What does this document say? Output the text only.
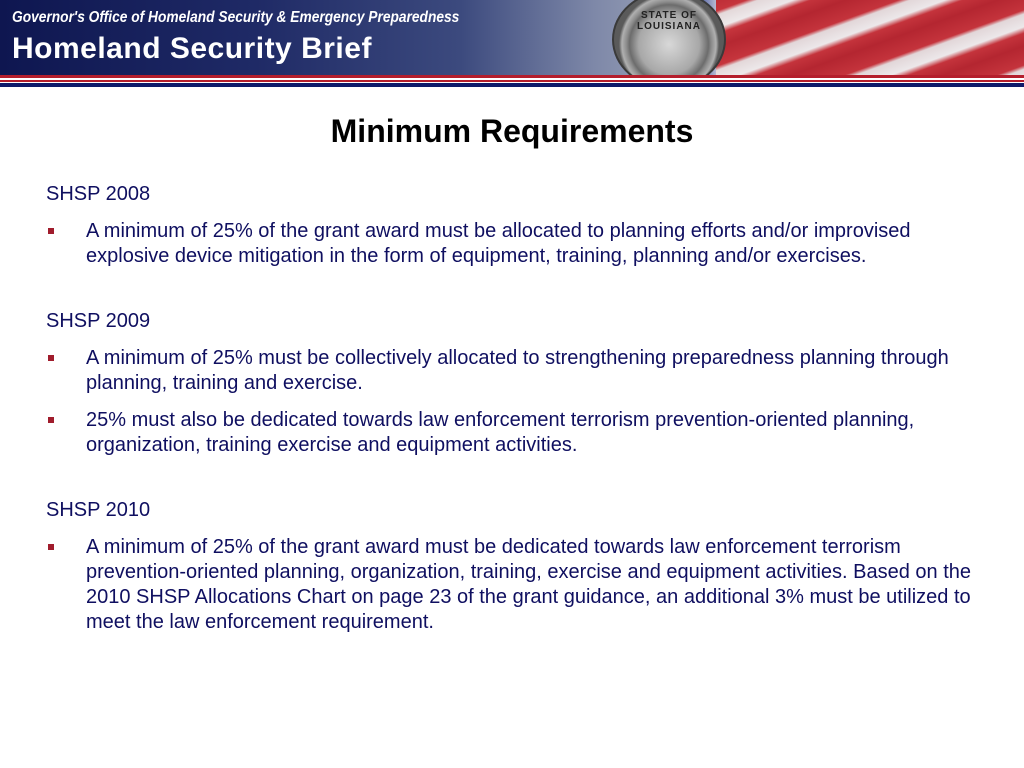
STATE OF LOUISIANA
Governor's Office of Homeland Security & Emergency Preparedness
Homeland Security Brief
Minimum Requirements
SHSP 2008
A minimum of 25% of the grant award must be allocated to planning efforts and/or improvised explosive device mitigation in the form of equipment, training, planning and/or exercises.
SHSP 2009
A minimum of 25% must be collectively allocated to strengthening preparedness planning through planning, training and exercise.
25% must also be dedicated towards law enforcement terrorism prevention-oriented planning, organization, training exercise and equipment activities.
SHSP 2010
A minimum of 25% of the grant award must be dedicated towards law enforcement terrorism prevention-oriented planning, organization, training, exercise and equipment activities. Based on the 2010 SHSP Allocations Chart on page 23 of the grant guidance, an additional 3% must be utilized to meet the law enforcement requirement.
